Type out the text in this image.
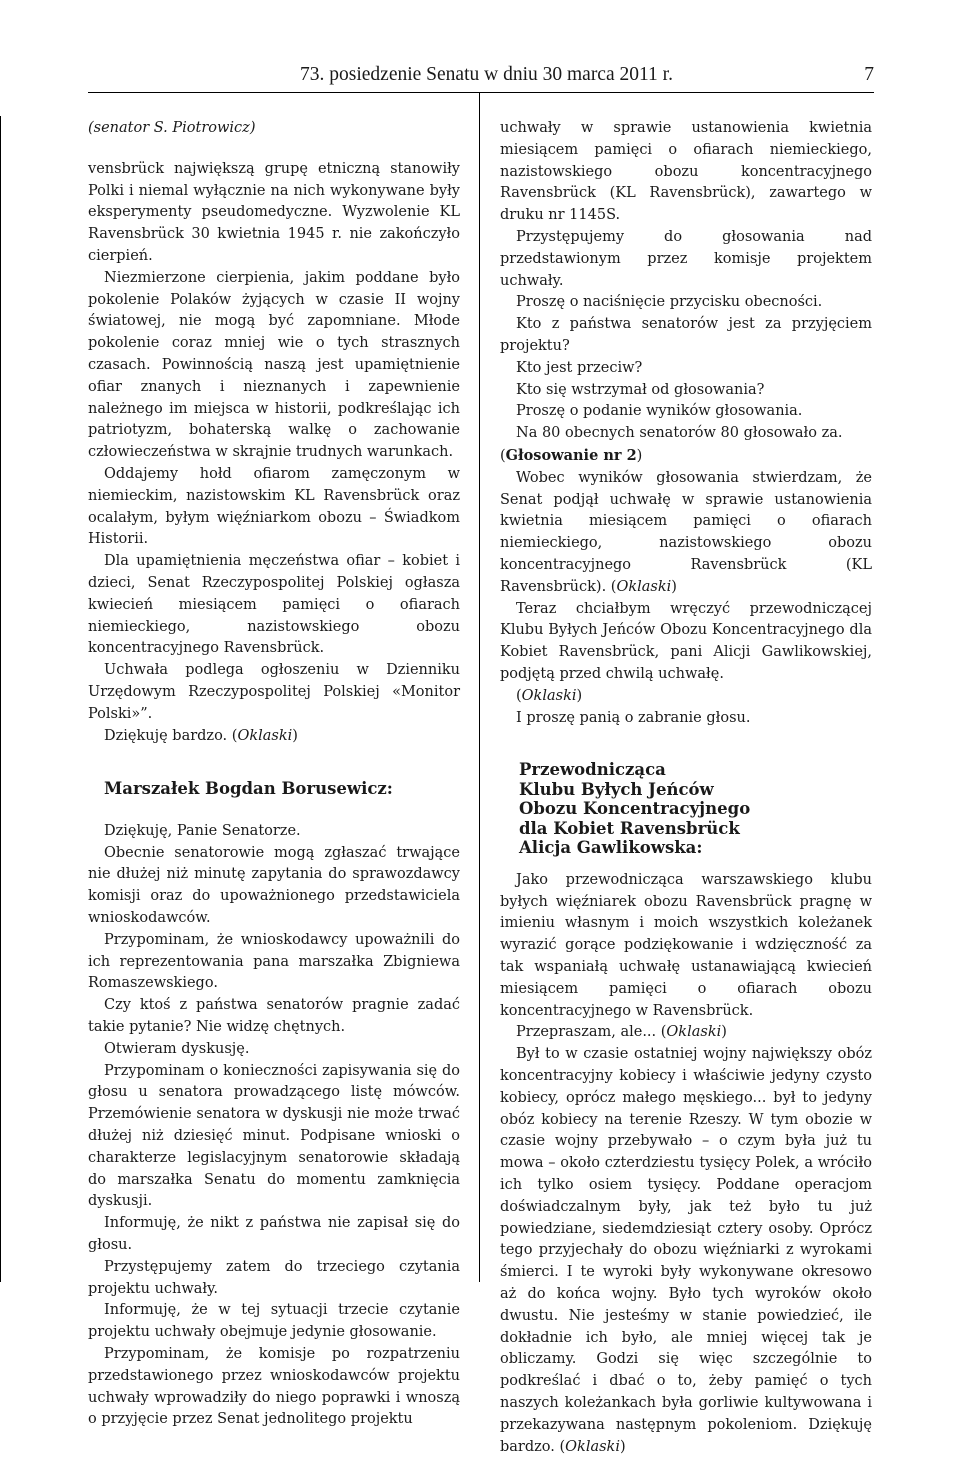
73. posiedzenie Senatu w dniu 30 marca 2011 r.	7

(senator S. Piotrowicz)

vensbrück największą grupę etniczną stanowiły Polki i niemal wyłącznie na nich wykonywane były eksperymenty pseudomedyczne. Wyzwolenie KL Ravensbrück 30 kwietnia 1945 r. nie zakończyło cierpień.

Niezmierzone cierpienia, jakim poddane było pokolenie Polaków żyjących w czasie II wojny światowej, nie mogą być zapomniane. Młode pokolenie coraz mniej wie o tych strasznych czasach. Powinnością naszą jest upamiętnienie ofiar znanych i nieznanych i zapewnienie należnego im miejsca w historii, podkreślając ich patriotyzm, bohaterską walkę o zachowanie człowieczeństwa w skrajnie trudnych warunkach.

Oddajemy hołd ofiarom zamęczonym w niemieckim, nazistowskim KL Ravensbrück oraz ocalałym, byłym więźniarkom obozu – Świadkom Historii.

Dla upamiętnienia męczeństwa ofiar – kobiet i dzieci, Senat Rzeczypospolitej Polskiej ogłasza kwiecień miesiącem pamięci o ofiarach niemieckiego, nazistowskiego obozu koncentracyjnego Ravensbrück.

Uchwała podlega ogłoszeniu w Dzienniku Urzędowym Rzeczypospolitej Polskiej «Monitor Polski»”.

Dziękuję bardzo. (Oklaski)

Marszałek Bogdan Borusewicz:

Dziękuję, Panie Senatorze.

Obecnie senatorowie mogą zgłaszać trwające nie dłużej niż minutę zapytania do sprawozdawcy komisji oraz do upoważnionego przedstawiciela wnioskodawców.

Przypominam, że wnioskodawcy upoważnili do ich reprezentowania pana marszałka Zbigniewa Romaszewskiego.

Czy ktoś z państwa senatorów pragnie zadać takie pytanie? Nie widzę chętnych.

Otwieram dyskusję.

Przypominam o konieczności zapisywania się do głosu u senatora prowadzącego listę mówców. Przemówienie senatora w dyskusji nie może trwać dłużej niż dziesięć minut. Podpisane wnioski o charakterze legislacyjnym senatorowie składają do marszałka Senatu do momentu zamknięcia dyskusji.

Informuję, że nikt z państwa nie zapisał się do głosu.

Przystępujemy zatem do trzeciego czytania projektu uchwały.

Informuję, że w tej sytuacji trzecie czytanie projektu uchwały obejmuje jedynie głosowanie.

Przypominam, że komisje po rozpatrzeniu przedstawionego przez wnioskodawców projektu uchwały wprowadziły do niego poprawki i wnoszą o przyjęcie przez Senat jednolitego projektu

uchwały w sprawie ustanowienia kwietnia miesiącem pamięci o ofiarach niemieckiego, nazistowskiego obozu koncentracyjnego Ravensbrück (KL Ravensbrück), zawartego w druku nr 1145S.

Przystępujemy do głosowania nad przedstawionym przez komisje projektem uchwały.

Proszę o naciśnięcie przycisku obecności.

Kto z państwa senatorów jest za przyjęciem projektu?

Kto jest przeciw?

Kto się wstrzymał od głosowania?

Proszę o podanie wyników głosowania.

Na 80 obecnych senatorów 80 głosowało za.

(Głosowanie nr 2)

Wobec wyników głosowania stwierdzam, że Senat podjął uchwałę w sprawie ustanowienia kwietnia miesiącem pamięci o ofiarach niemieckiego, nazistowskiego obozu koncentracyjnego Ravensbrück (KL Ravensbrück). (Oklaski)

Teraz chciałbym wręczyć przewodniczącej Klubu Byłych Jeńców Obozu Koncentracyjnego dla Kobiet Ravensbrück, pani Alicji Gawlikowskiej, podjętą przed chwilą uchwałę.

(Oklaski)

I proszę panią o zabranie głosu.

Przewodnicząca

Klubu Byłych Jeńców

Obozu Koncentracyjnego

dla Kobiet Ravensbrück

Alicja Gawlikowska:

Jako przewodnicząca warszawskiego klubu byłych więźniarek obozu Ravensbrück pragnę w imieniu własnym i moich wszystkich koleżanek wyrazić gorące podziękowanie i wdzięczność za tak wspaniałą uchwałę ustanawiającą kwiecień miesiącem pamięci o ofiarach obozu koncentracyjnego w Ravensbrück.

Przepraszam, ale... (Oklaski)

Był to w czasie ostatniej wojny największy obóz koncentracyjny kobiecy i właściwie jedyny czysto kobiecy, oprócz małego męskiego... był to jedyny obóz kobiecy na terenie Rzeszy. W tym obozie w czasie wojny przebywało – o czym była już tu mowa – około czterdziestu tysięcy Polek, a wróciło ich tylko osiem tysięcy. Poddane operacjom doświadczalnym były, jak też było tu już powiedziane, siedemdziesiąt cztery osoby. Oprócz tego przyjechały do obozu więźniarki z wyrokami śmierci. I te wyroki były wykonywane okresowo aż do końca wojny. Było tych wyroków około dwustu. Nie jesteśmy w stanie powiedzieć, ile dokładnie ich było, ale mniej więcej tak je obliczamy. Godzi się więc szczególnie to podkreślać i dbać o to, żeby pamięć o tych naszych koleżankach była gorliwie kultywowana i przekazywana następnym pokoleniom. Dziękuję bardzo. (Oklaski)
